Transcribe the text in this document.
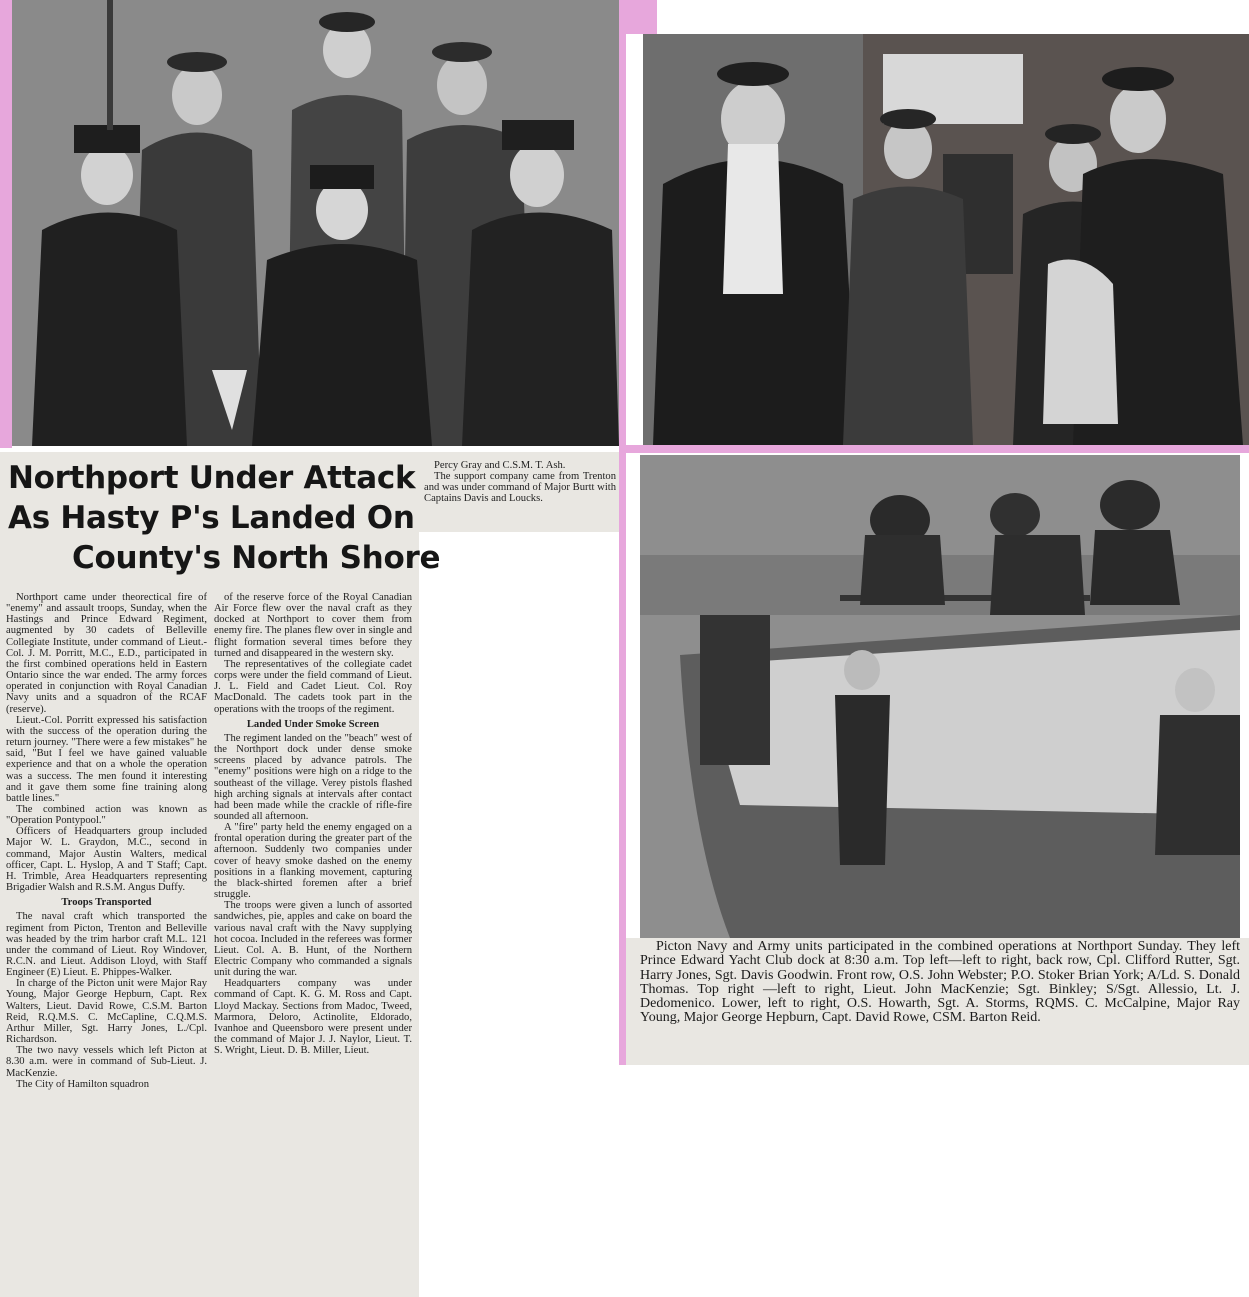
Northport Under Attack
As Hasty P's Landed On
County's North Shore

Northport came under theorectical fire of "enemy" and assault troops, Sunday, when the Hastings and Prince Edward Regiment, augmented by 30 cadets of Belleville Collegiate Institute, under command of Lieut.-Col. J. M. Porritt, M.C., E.D., participated in the first combined operations held in Eastern Ontario since the war ended. The army forces operated in conjunction with Royal Canadian Navy units and a squadron of the RCAF (reserve).

Lieut.-Col. Porritt expressed his satisfaction with the success of the operation during the return journey. "There were a few mistakes" he said, "But I feel we have gained valuable experience and that on a whole the operation was a success. The men found it interesting and it gave them some fine training along battle lines."

The combined action was known as "Operation Pontypool."

Officers of Headquarters group included Major W. L. Graydon, M.C., second in command, Major Austin Walters, medical officer, Capt. L. Hyslop, A and T Staff; Capt. H. Trimble, Area Headquarters representing Brigadier Walsh and R.S.M. Angus Duffy.

Troops Transported

The naval craft which transported the regiment from Picton, Trenton and Belleville was headed by the trim harbor craft M.L. 121 under the command of Lieut. Roy Windover, R.C.N. and Lieut. Addison Lloyd, with Staff Engineer (E) Lieut. E. Phippes-Walker.

In charge of the Picton unit were Major Ray Young, Major George Hepburn, Capt. Rex Walters, Lieut. David Rowe, C.S.M. Barton Reid, R.Q.M.S. C. McCapline, C.Q.M.S. Arthur Miller, Sgt. Harry Jones, L./Cpl. Richardson.

The two navy vessels which left Picton at 8.30 a.m. were in command of Sub-Lieut. J. MacKenzie.

The City of Hamilton squadron

of the reserve force of the Royal Canadian Air Force flew over the naval craft as they docked at Northport to cover them from enemy fire. The planes flew over in single and flight formation several times before they turned and disappeared in the western sky.

The representatives of the collegiate cadet corps were under the field command of Lieut. J. L. Field and Cadet Lieut. Col. Roy MacDonald. The cadets took part in the operations with the troops of the regiment.

Landed Under Smoke Screen

The regiment landed on the "beach" west of the Northport dock under dense smoke screens placed by advance patrols. The "enemy" positions were high on a ridge to the southeast of the village. Verey pistols flashed high arching signals at intervals after contact had been made while the crackle of rifle-fire sounded all afternoon.

A "fire" party held the enemy engaged on a frontal operation during the greater part of the afternoon. Suddenly two companies under cover of heavy smoke dashed on the enemy positions in a flanking movement, capturing the black-shirted foremen after a brief struggle.

The troops were given a lunch of assorted sandwiches, pie, apples and cake on board the various naval craft with the Navy supplying hot cocoa. Included in the referees was former Lieut. Col. A. B. Hunt, of the Northern Electric Company who commanded a signals unit during the war.

Headquarters company was under command of Capt. K. G. M. Ross and Capt. Lloyd Mackay. Sections from Madoc, Tweed, Marmora, Deloro, Actinolite, Eldorado, Ivanhoe and Queensboro were present under the command of Major J. J. Naylor, Lieut. T. S. Wright, Lieut. D. B. Miller, Lieut.

Percy Gray and C.S.M. T. Ash.

The support company came from Trenton and was under command of Major Burtt with Captains Davis and Loucks.

Picton Navy and Army units participated in the combined operations at Northport Sunday. They left Prince Edward Yacht Club dock at 8:30 a.m. Top left—left to right, back row, Cpl. Clifford Rutter, Sgt. Harry Jones, Sgt. Davis Goodwin. Front row, O.S. John Webster; P.O. Stoker Brian York; A/Ld. S. Donald Thomas. Top right —left to right, Lieut. John MacKenzie; Sgt. Binkley; S/Sgt. Allessio, Lt. J. Dedomenico. Lower, left to right, O.S. Howarth, Sgt. A. Storms, RQMS. C. McCalpine, Major Ray Young, Major George Hepburn, Capt. David Rowe, CSM. Barton Reid.
